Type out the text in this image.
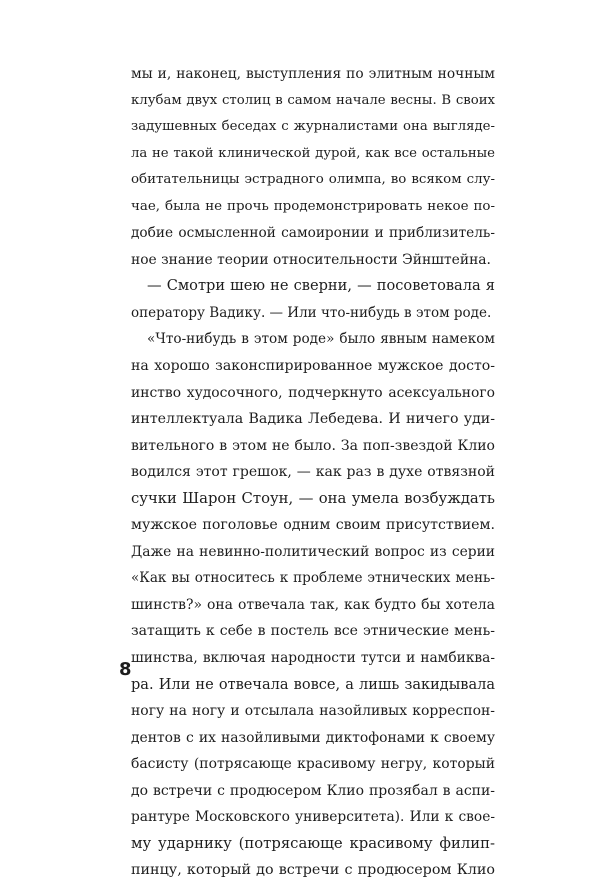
мы и, наконец, выступления по элитным ночным
клубам двух столиц в самом начале весны. В своих
задушевных беседах с журналистами она выгляде-
ла не такой клинической дурой, как все остальные
обитательницы эстрадного олимпа, во всяком слу-
чае, была не прочь продемонстрировать некое по-
добие осмысленной самоиронии и приблизитель-
ное знание теории относительности Эйнштейна.
— Смотри шею не сверни, — посоветовала я
оператору Вадику. — Или что-нибудь в этом роде.
«Что-нибудь в этом роде» было явным намеком
на хорошо законспирированное мужское досто-
инство худосочного, подчеркнуто асексуального
интеллектуала Вадика Лебедева. И ничего уди-
вительного в этом не было. За поп-звездой Клио
водился этот грешок, — как раз в духе отвязной
сучки Шарон Стоун, — она умела возбуждать
мужское поголовье одним своим присутствием.
Даже на невинно-политический вопрос из серии
«Как вы относитесь к проблеме этнических мень-
шинств?» она отвечала так, как будто бы хотела
затащить к себе в постель все этнические мень-
шинства, включая народности тутси и намбиква-
ра. Или не отвечала вовсе, а лишь закидывала
ногу на ногу и отсылала назойливых корреспон-
дентов с их назойливыми диктофонами к своему
басисту (потрясающе красивому негру, который
до встречи с продюсером Клио прозябал в аспи-
рантуре Московского университета). Или к свое-
му ударнику (потрясающе красивому филип-
пинцу, который до встречи с продюсером Клио
8
